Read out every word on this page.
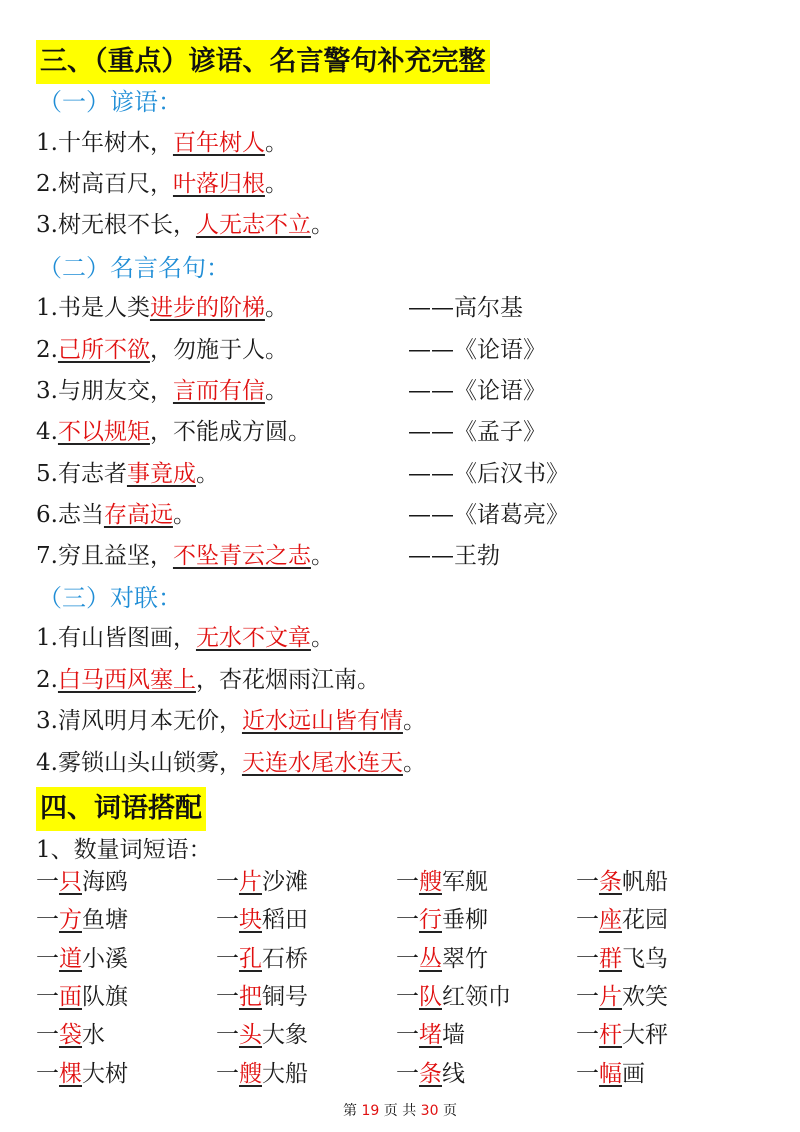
三、（重点）谚语、名言警句补充完整
（一）谚语：
1.十年树木，百年树人。
2.树高百尺，叶落归根。
3.树无根不长，人无志不立。
（二）名言名句：
1.书是人类进步的阶梯。	——高尔基
2.己所不欲，勿施于人。	——《论语》
3.与朋友交，言而有信。	——《论语》
4.不以规矩，不能成方圆。	——《孟子》
5.有志者事竟成。	——《后汉书》
6.志当存高远。	——《诸葛亮》
7.穷且益坚，不坠青云之志。	——王勃
（三）对联：
1.有山皆图画，无水不文章。
2.白马西风塞上，杏花烟雨江南。
3.清风明月本无价，近水远山皆有情。
4.雾锁山头山锁雾，天连水尾水连天。
四、词语搭配
1、数量词短语：
一只海鸥	一片沙滩	一艘军舰	一条帆船
一方鱼塘	一块稻田	一行垂柳	一座花园
一道小溪	一孔石桥	一丛翠竹	一群飞鸟
一面队旗	一把铜号	一队红领巾	一片欢笑
一袋水	一头大象	一堵墙	一杆大秤
一棵大树	一艘大船	一条线	一幅画
第 19 页 共 30 页
